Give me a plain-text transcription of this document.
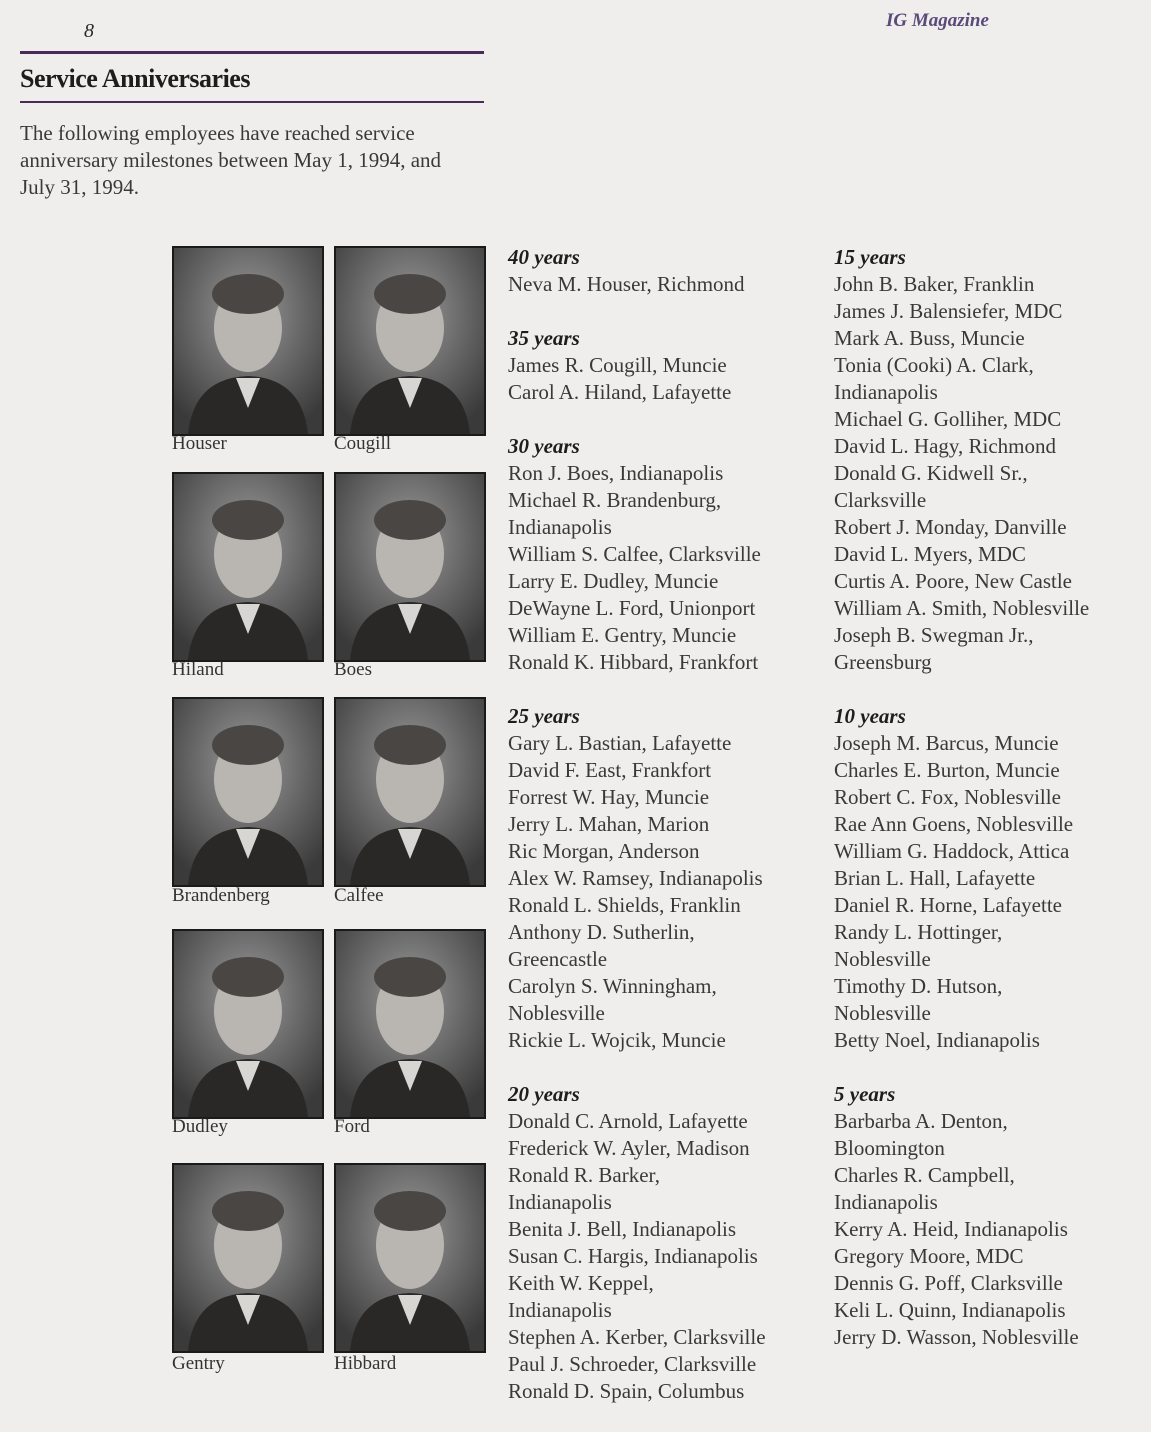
8	IG Magazine
Service Anniversaries
The following employees have reached service anniversary milestones between May 1, 1994, and July 31, 1994.
Houser	Cougill
Hiland	Boes
Brandenberg	Calfee
Dudley	Ford
Gentry	Hibbard
40 years
Neva M. Houser, Richmond
35 years
James R. Cougill, Muncie
Carol A. Hiland, Lafayette
30 years
Ron J. Boes, Indianapolis
Michael R. Brandenburg,
Indianapolis
William S. Calfee, Clarksville
Larry E. Dudley, Muncie
DeWayne L. Ford, Unionport
William E. Gentry, Muncie
Ronald K. Hibbard, Frankfort
25 years
Gary L. Bastian, Lafayette
David F. East, Frankfort
Forrest W. Hay, Muncie
Jerry L. Mahan, Marion
Ric Morgan, Anderson
Alex W. Ramsey, Indianapolis
Ronald L. Shields, Franklin
Anthony D. Sutherlin,
Greencastle
Carolyn S. Winningham,
Noblesville
Rickie L. Wojcik, Muncie
20 years
Donald C. Arnold, Lafayette
Frederick W. Ayler, Madison
Ronald R. Barker,
Indianapolis
Benita J. Bell, Indianapolis
Susan C. Hargis, Indianapolis
Keith W. Keppel,
Indianapolis
Stephen A. Kerber, Clarksville
Paul J. Schroeder, Clarksville
Ronald D. Spain, Columbus
15 years
John B. Baker, Franklin
James J. Balensiefer, MDC
Mark A. Buss, Muncie
Tonia (Cooki) A. Clark,
Indianapolis
Michael G. Golliher, MDC
David L. Hagy, Richmond
Donald G. Kidwell Sr.,
Clarksville
Robert J. Monday, Danville
David L. Myers, MDC
Curtis A. Poore, New Castle
William A. Smith, Noblesville
Joseph B. Swegman Jr.,
Greensburg
10 years
Joseph M. Barcus, Muncie
Charles E. Burton, Muncie
Robert C. Fox, Noblesville
Rae Ann Goens, Noblesville
William G. Haddock, Attica
Brian L. Hall, Lafayette
Daniel R. Horne, Lafayette
Randy L. Hottinger,
Noblesville
Timothy D. Hutson,
Noblesville
Betty Noel, Indianapolis
5 years
Barbarba A. Denton,
Bloomington
Charles R. Campbell,
Indianapolis
Kerry A. Heid, Indianapolis
Gregory Moore, MDC
Dennis G. Poff, Clarksville
Keli L. Quinn, Indianapolis
Jerry D. Wasson, Noblesville
